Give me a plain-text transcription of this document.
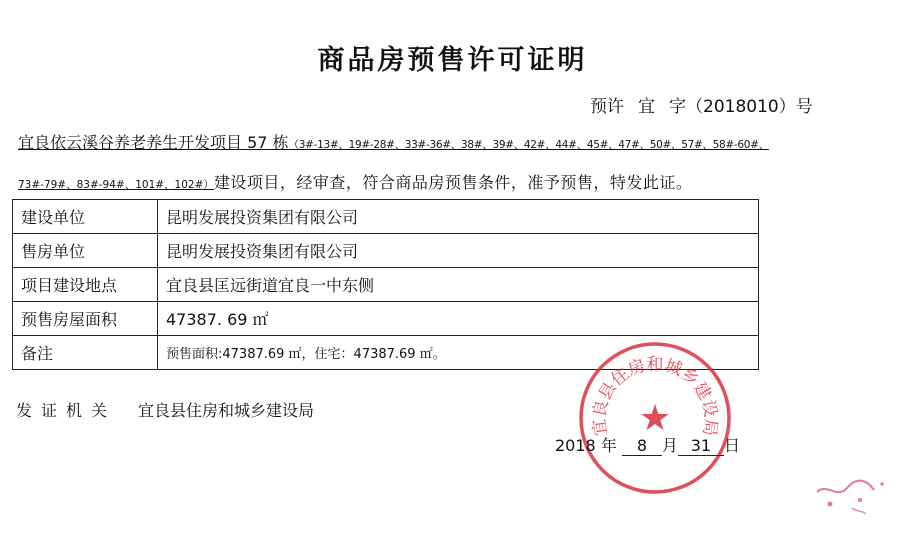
商品房预售许可证明
预许 宜 字（2018010）号
宜良依云溪谷养老养生开发项目 57 栋（3#-13#、19#-28#、33#-36#、38#、39#、42#、44#、45#、47#、50#、57#、58#-60#、
73#-79#、83#-94#、101#、102#）建设项目，经审查，符合商品房预售条件，准予预售，特发此证。
建设单位	昆明发展投资集团有限公司
售房单位	昆明发展投资集团有限公司
项目建设地点	宜良县匡远街道宜良一中东侧
预售房屋面积	47387. 69 ㎡
备注	预售面积:47387.69 ㎡，住宅：47387.69 ㎡。
发证机关 宜良县住房和城乡建设局
宜良县住房和城乡建设局
★
2018 年 8 月 31 日
